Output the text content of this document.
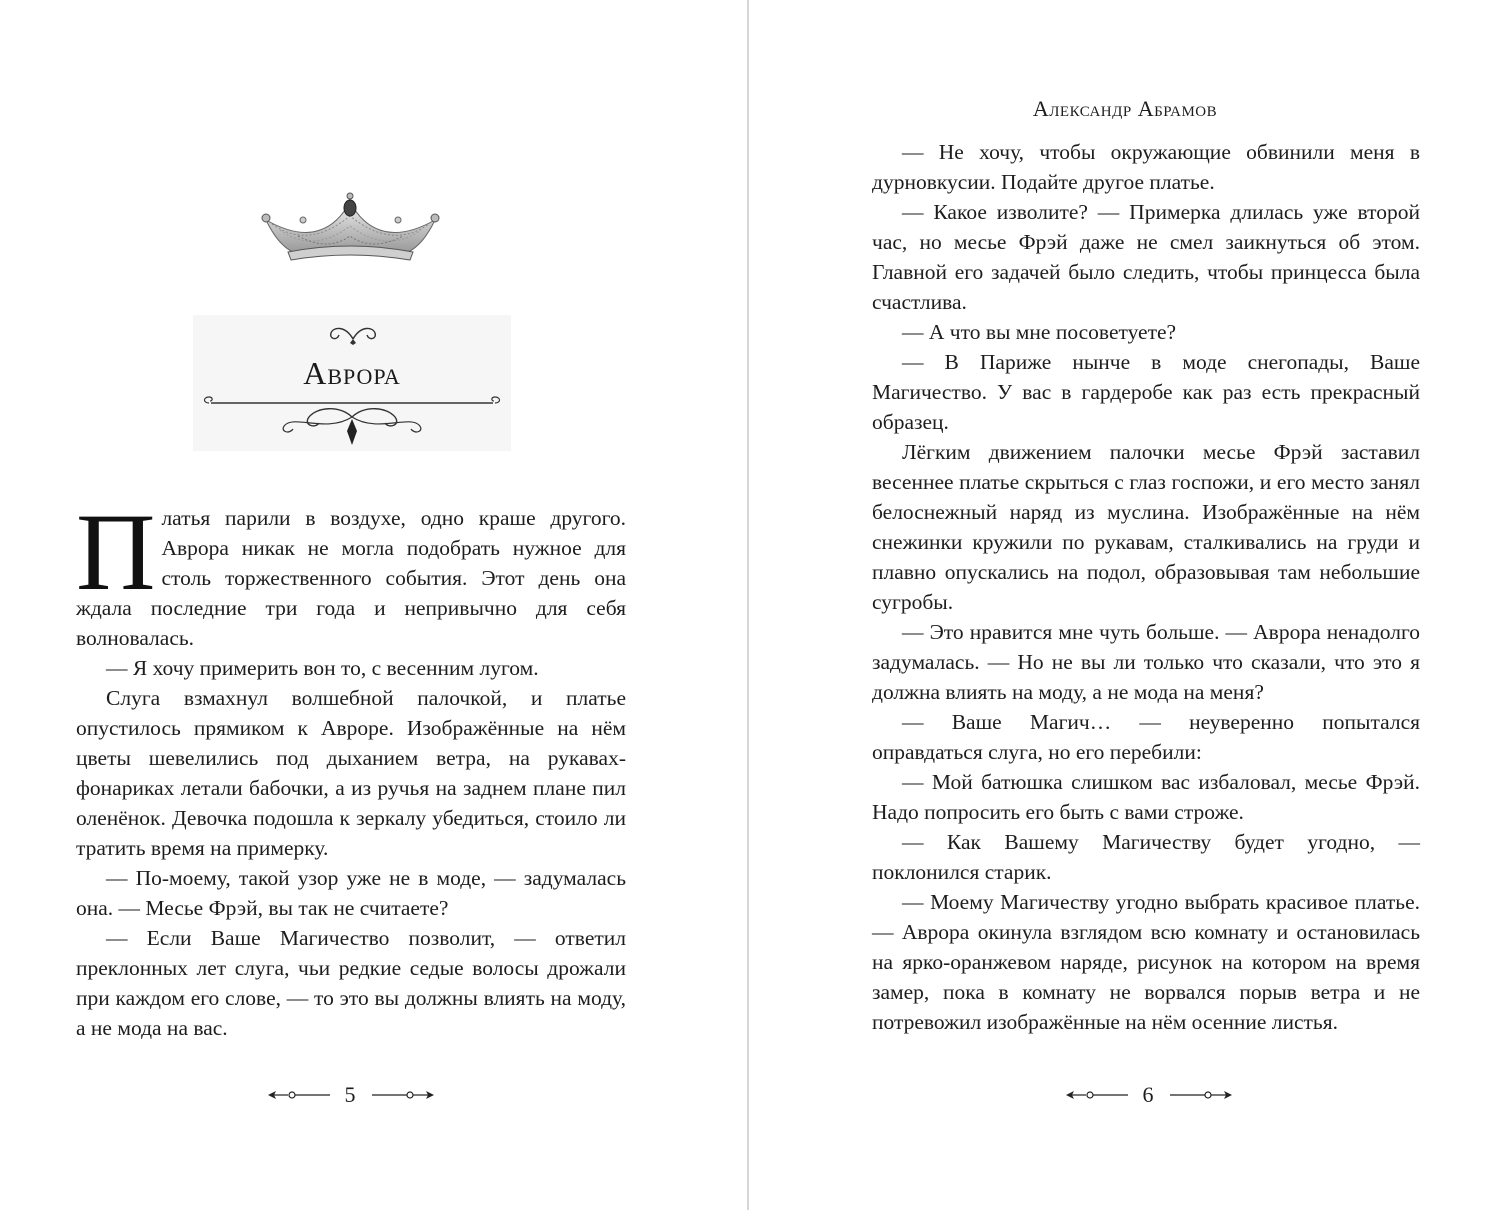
Аврора

Платья парили в воздухе, одно краше другого. Аврора никак не могла подобрать нужное для столь торжественного события. Этот день она ждала последние три года и непривычно для себя волновалась.

— Я хочу примерить вон то, с весенним лугом.

Слуга взмахнул волшебной палочкой, и платье опустилось прямиком к Авроре. Изображённые на нём цветы шевелились под дыханием ветра, на рукавах-фонариках летали бабочки, а из ручья на заднем плане пил оленёнок. Девочка подошла к зеркалу убедиться, стоило ли тратить время на примерку.

— По-моему, такой узор уже не в моде, — задумалась она. — Месье Фрэй, вы так не считаете?

— Если Ваше Магичество позволит, — ответил преклонных лет слуга, чьи редкие седые волосы дрожали при каждом его слове, — то это вы должны влиять на моду, а не мода на вас.

5
Александр Абрамов

— Не хочу, чтобы окружающие обвинили меня в дурновкусии. Подайте другое платье.

— Какое изволите? — Примерка длилась уже второй час, но месье Фрэй даже не смел заикнуться об этом. Главной его задачей было следить, чтобы принцесса была счастлива.

— А что вы мне посоветуете?

— В Париже нынче в моде снегопады, Ваше Магичество. У вас в гардеробе как раз есть прекрасный образец.

Лёгким движением палочки месье Фрэй заставил весеннее платье скрыться с глаз госпожи, и его место занял белоснежный наряд из муслина. Изображённые на нём снежинки кружили по рукавам, сталкивались на груди и плавно опускались на подол, образовывая там небольшие сугробы.

— Это нравится мне чуть больше. — Аврора ненадолго задумалась. — Но не вы ли только что сказали, что это я должна влиять на моду, а не мода на меня?

— Ваше Магич… — неуверенно попытался оправдаться слуга, но его перебили:

— Мой батюшка слишком вас избаловал, месье Фрэй. Надо попросить его быть с вами строже.

— Как Вашему Магичеству будет угодно, — поклонился старик.

— Моему Магичеству угодно выбрать красивое платье. — Аврора окинула взглядом всю комнату и остановилась на ярко-оранжевом наряде, рисунок на котором на время замер, пока в комнату не ворвался порыв ветра и не потревожил изображённые на нём осенние листья.

6
